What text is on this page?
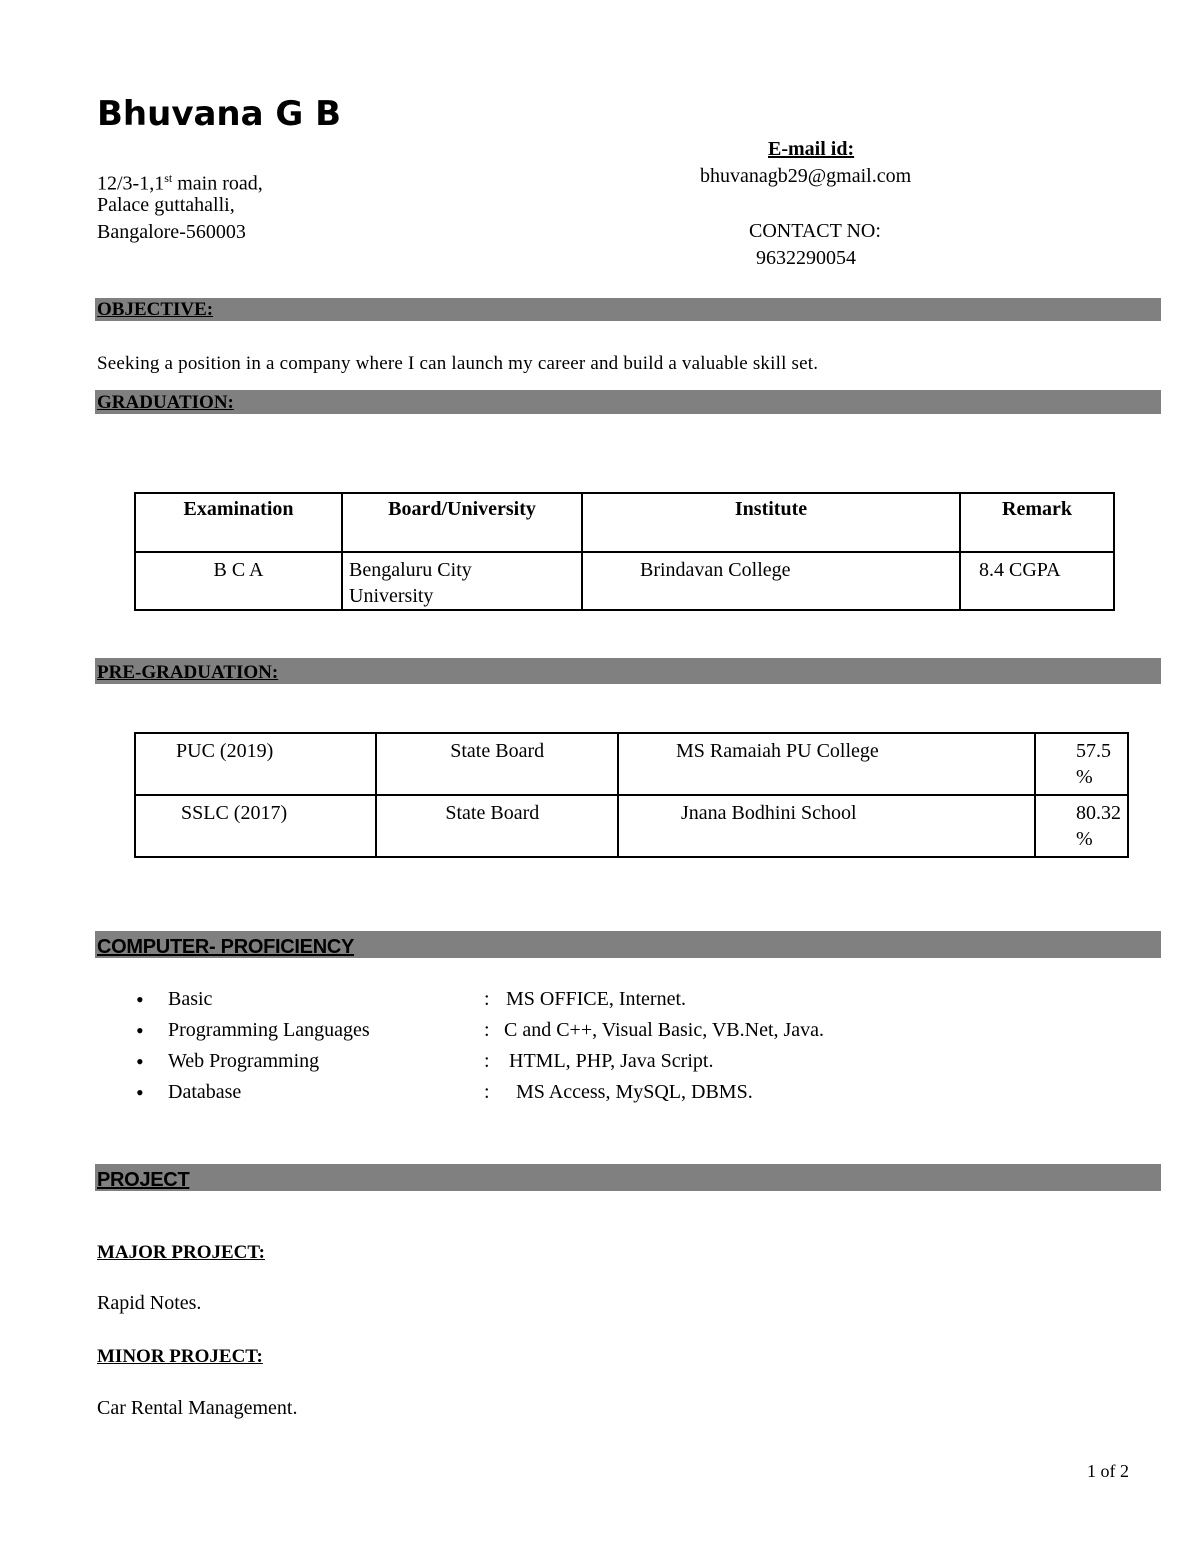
Bhuvana G B
12/3-1,1st main road,
Palace guttahalli,
Bangalore-560003
E-mail id:
bhuvanagb29@gmail.com
CONTACT NO:
9632290054
OBJECTIVE:
Seeking a position in a company where I can launch my career and build a valuable skill set.
GRADUATION:
Examination	Board/University	Institute	Remark
B C A	Bengaluru City University	Brindavan College	8.4 CGPA
PRE-GRADUATION:
PUC (2019)	State Board	MS Ramaiah PU College	57.5 %
SSLC (2017)	State Board	Jnana Bodhini School	80.32 %
COMPUTER- PROFICIENCY
• Basic	: MS OFFICE, Internet.
• Programming Languages	: C and C++, Visual Basic, VB.Net, Java.
• Web Programming	: HTML, PHP, Java Script.
• Database	: MS Access, MySQL, DBMS.
PROJECT
MAJOR PROJECT:
Rapid Notes.
MINOR PROJECT:
Car Rental Management.
1 of 2
